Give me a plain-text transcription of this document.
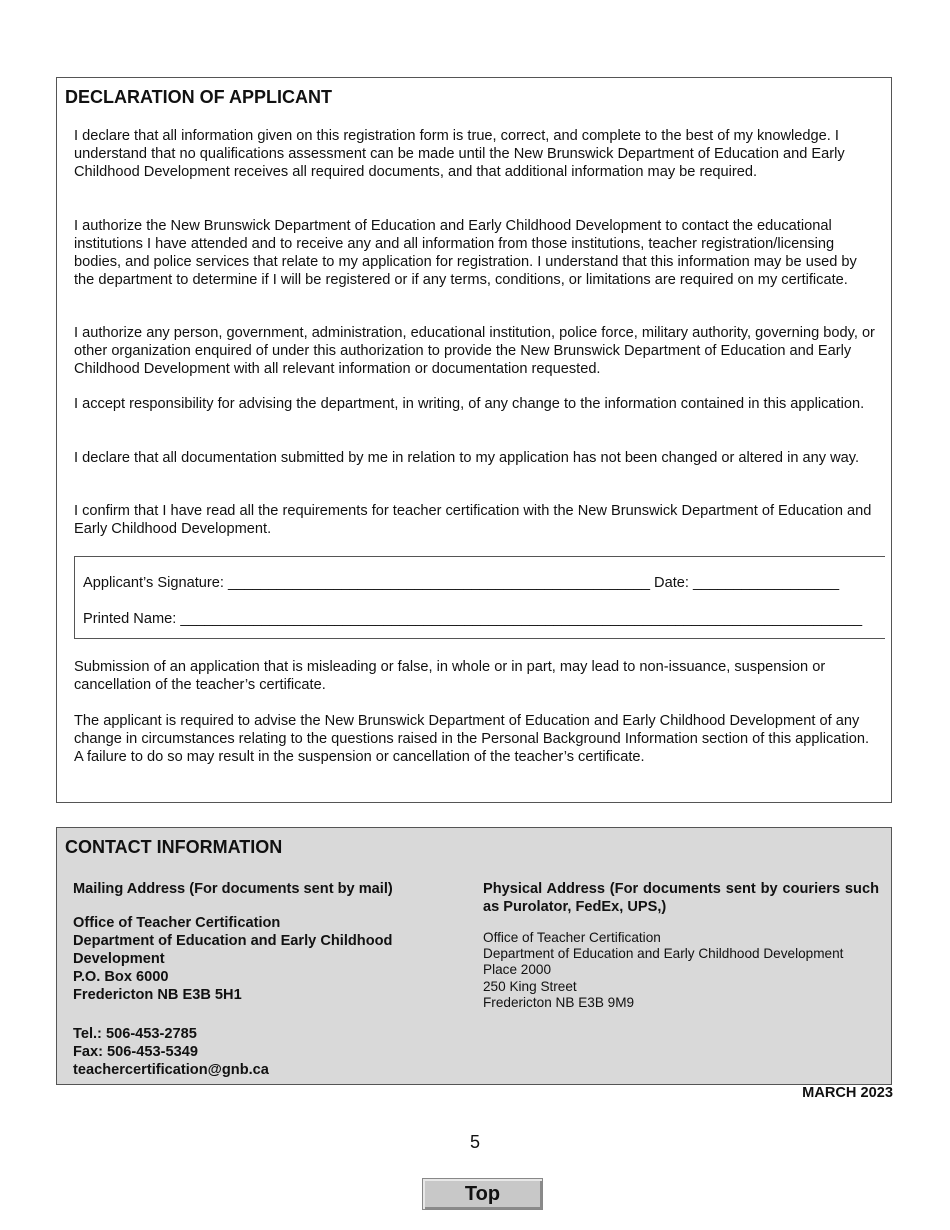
DECLARATION OF APPLICANT

I declare that all information given on this registration form is true, correct, and complete to the best of my knowledge. I understand that no qualifications assessment can be made until the New Brunswick Department of Education and Early Childhood Development receives all required documents, and that additional information may be required.

I authorize the New Brunswick Department of Education and Early Childhood Development to contact the educational institutions I have attended and to receive any and all information from those institutions, teacher registration/licensing bodies, and police services that relate to my application for registration. I understand that this information may be used by the department to determine if I will be registered or if any terms, conditions, or limitations are required on my certificate.

I authorize any person, government, administration, educational institution, police force, military authority, governing body, or other organization enquired of under this authorization to provide the New Brunswick Department of Education and Early Childhood Development with all relevant information or documentation requested.

I accept responsibility for advising the department, in writing, of any change to the information contained in this application.

I declare that all documentation submitted by me in relation to my application has not been changed or altered in any way.

I confirm that I have read all the requirements for teacher certification with the New Brunswick Department of Education and Early Childhood Development.

Applicant’s Signature: ____________________________________________________ Date: __________________

Printed Name: ____________________________________________________________________________________

Submission of an application that is misleading or false, in whole or in part, may lead to non-issuance, suspension or cancellation of the teacher’s certificate.

The applicant is required to advise the New Brunswick Department of Education and Early Childhood Development of any change in circumstances relating to the questions raised in the Personal Background Information section of this application. A failure to do so may result in the suspension or cancellation of the teacher’s certificate.

CONTACT INFORMATION

Mailing Address (For documents sent by mail)

Office of Teacher Certification

Department of Education and Early Childhood Development

P.O. Box 6000

Fredericton NB E3B 5H1

Tel.: 506-453-2785

Fax: 506-453-5349

teachercertification@gnb.ca

Physical Address (For documents sent by couriers such as Purolator, FedEx, UPS,)

Office of Teacher Certification

Department of Education and Early Childhood Development

Place 2000

250 King Street

Fredericton NB E3B 9M9

MARCH 2023
5
Top
